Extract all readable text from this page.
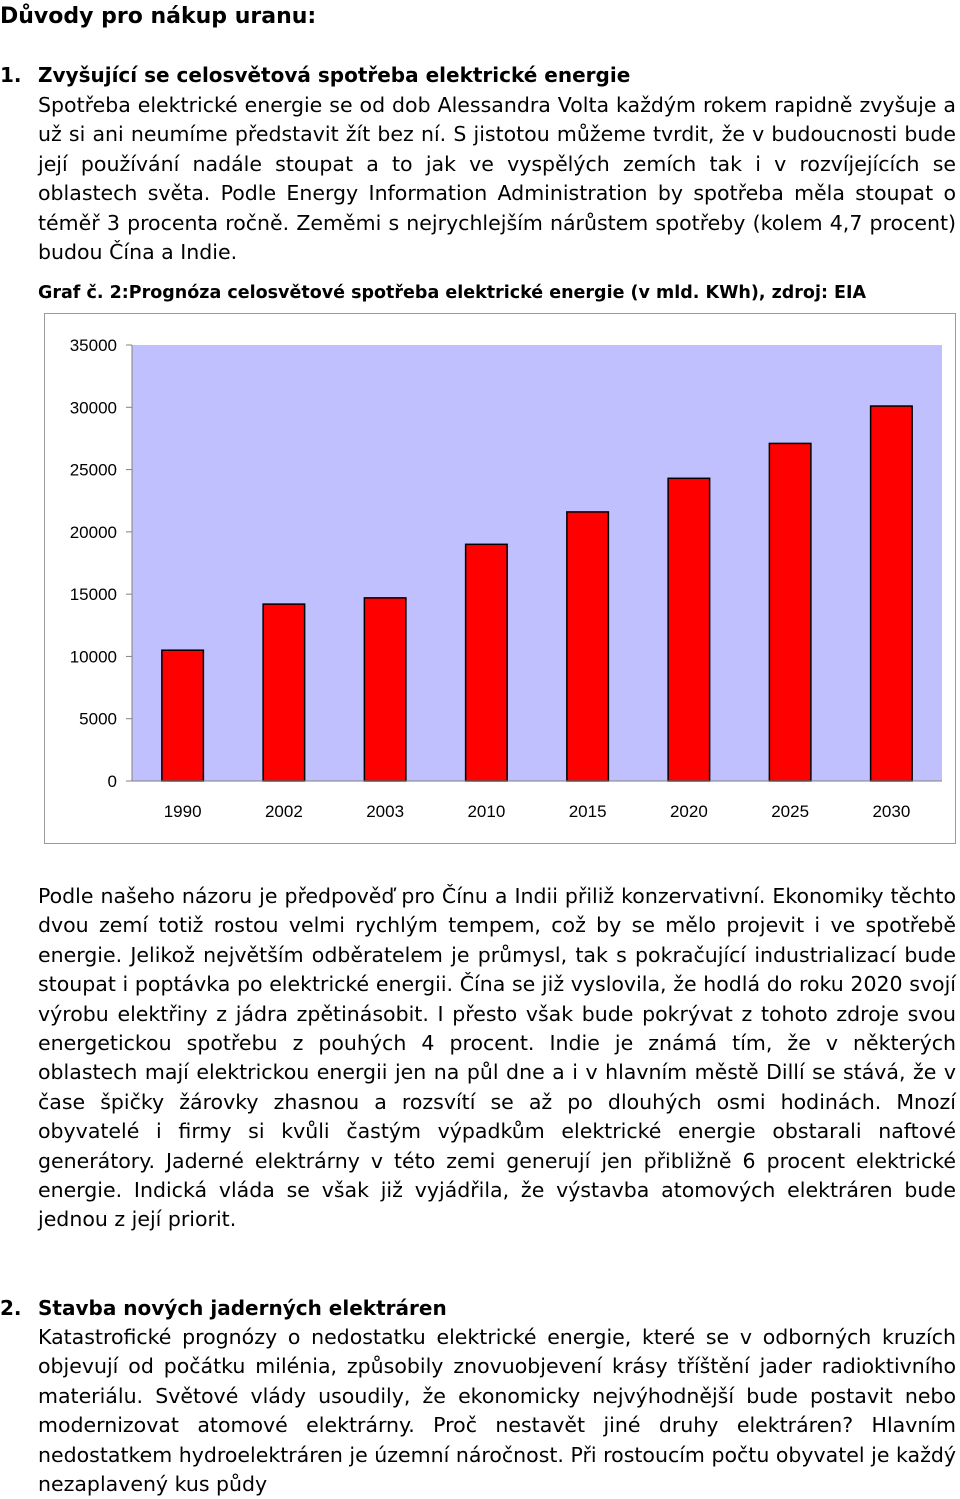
Důvody pro nákup uranu:
1. Zvyšující se celosvětová spotřeba elektrické energie
Spotřeba elektrické energie se od dob Alessandra Volta každým rokem rapidně zvyšuje a už si ani neumíme představit žít bez ní. S jistotou můžeme tvrdit, že v budoucnosti bude její používání nadále stoupat a to jak ve vyspělých zemích tak i v rozvíjejících se oblastech světa. Podle Energy Information Administration by spotřeba měla stoupat o téměř 3 procenta ročně. Zeměmi s nejrychlejším nárůstem spotřeby (kolem 4,7 procent) budou Čína a Indie.
Graf č. 2:Prognóza celosvětové spotřeba elektrické energie (v mld. KWh), zdroj: EIA
0
5000
10000
15000
20000
25000
30000
35000
1990	2002	2003	2010	2015	2020	2025	2030
Podle našeho názoru je předpověď pro Čínu a Indii přiliž konzervativní. Ekonomiky těchto dvou zemí totiž rostou velmi rychlým tempem, což by se mělo projevit i ve spotřebě energie. Jelikož největším odběratelem je průmysl, tak s pokračující industrializací bude stoupat i poptávka po elektrické energii. Čína se již vyslovila, že hodlá do roku 2020 svojí výrobu elektřiny z jádra zpětinásobit. I přesto však bude pokrývat z tohoto zdroje svou energetickou spotřebu z pouhých 4 procent. Indie je známá tím, že v některých oblastech mají elektrickou energii jen na půl dne a i v hlavním městě Dillí se stává, že v čase špičky žárovky zhasnou a rozsvítí se až po dlouhých osmi hodinách. Mnozí obyvatelé i firmy si kvůli častým výpadkům elektrické energie obstarali naftové generátory. Jaderné elektrárny v této zemi generují jen přibližně 6 procent elektrické energie. Indická vláda se však již vyjádřila, že výstavba atomových elektráren bude jednou z její priorit.
2. Stavba nových jaderných elektráren
Katastrofické prognózy o nedostatku elektrické energie, které se v odborných kruzích objevují od počátku milénia, způsobily znovuobjevení krásy tříštění jader radioktivního materiálu. Světové vlády usoudily, že ekonomicky nejvýhodnější bude postavit nebo modernizovat atomové elektrárny. Proč nestavět jiné druhy elektráren? Hlavním nedostatkem hydroelektráren je územní náročnost. Při rostoucím počtu obyvatel je každý nezaplavený kus půdy
